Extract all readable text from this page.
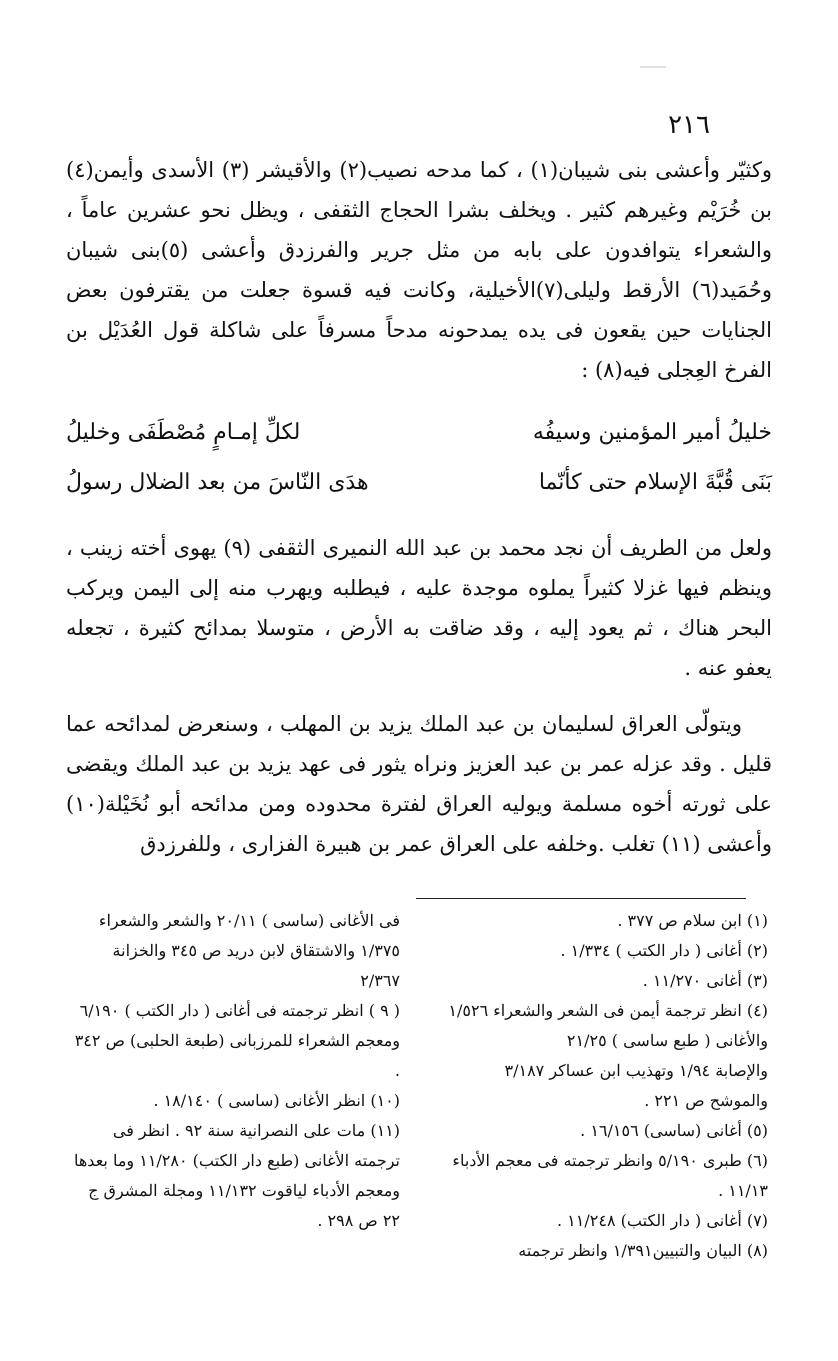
٢١٦

وكثيّر وأعشى بنى شيبان(١) ، كما مدحه نصيب(٢) والأقيشر (٣) الأسدى وأيمن(٤) بن خُرَيْم وغيرهم كثير . ويخلف بشرا الحجاج الثقفى ، ويظل نحو عشرين عاماً ، والشعراء يتوافدون على بابه من مثل جرير والفرزدق وأعشى (٥)بنى شيبان وحُمَيد(٦) الأرقط وليلى(٧)الأخيلية، وكانت فيه قسوة جعلت من يقترفون بعض الجنايات حين يقعون فى يده يمدحونه مدحاً مسرفاً على شاكلة قول العُدَيْل بن الفرخ العِجلى فيه(٨) :

خليلُ أمير المؤمنين وسيفُه
لكلِّ إمـامٍ مُصْطَفَى وخليلُ
بَنَى قُبَّةَ الإسلام حتى كأنّما
هدَى النّاسَ من بعد الضلال رسولُ

ولعل من الطريف أن نجد محمد بن عبد الله النميرى الثقفى (٩) يهوى أخته زينب ، وينظم فيها غزلا كثيراً يملوه موجدة عليه ، فيطلبه ويهرب منه إلى اليمن ويركب البحر هناك ، ثم يعود إليه ، وقد ضاقت به الأرض ، متوسلا بمدائح كثيرة ، تجعله يعفو عنه .

ويتولّى العراق لسليمان بن عبد الملك يزيد بن المهلب ، وسنعرض لمدائحه عما قليل . وقد عزله عمر بن عبد العزيز ونراه يثور فى عهد يزيد بن عبد الملك ويقضى على ثورته أخوه مسلمة ويوليه العراق لفترة محدوده ومن مدائحه أبو نُخَيْلة(١٠) وأعشى (١١) تغلب .وخلفه على العراق عمر بن هبيرة الفزارى ، وللفرزدق

(١) ابن سلام ص ٣٧٧ .

(٢) أغانى ( دار الكتب ) ١/٣٣٤ .

(٣) أغانى ١١/٢٧٠ .

(٤) انظر ترجمة أيمن فى الشعر والشعراء ١/٥٢٦ والأغانى ( طبع ساسى ) ٢١/٢٥

والإصابة ١/٩٤ وتهذيب ابن عساكر ٣/١٨٧

والموشح ص ٢٢١ .

(٥) أغانى (ساسى) ١٦/١٥٦ .

(٦) طبرى ٥/١٩٠ وانظر ترجمته فى معجم الأدباء ١١/١٣ .

(٧) أغانى ( دار الكتب) ١١/٢٤٨ .

(٨) البيان والتبيين١/٣٩١ وانظر ترجمته

فى الأغانى (ساسى ) ٢٠/١١ والشعر والشعراء ١/٣٧٥ والاشتقاق لابن دريد ص ٣٤٥ والخزانة ٢/٣٦٧

( ٩ ) انظر ترجمته فى أغانى ( دار الكتب ) ٦/١٩٠ ومعجم الشعراء للمرزبانى (طبعة الحلبى) ص ٣٤٢ .

(١٠) انظر الأغانى (ساسى ) ١٨/١٤٠ .

(١١) مات على النصرانية سنة ٩٢ . انظر فى ترجمته الأغانى (طبع دار الكتب) ١١/٢٨٠ وما بعدها ومعجم الأدباء لياقوت ١١/١٣٢ ومجلة المشرق ج ٢٢ ص ٢٩٨ .
